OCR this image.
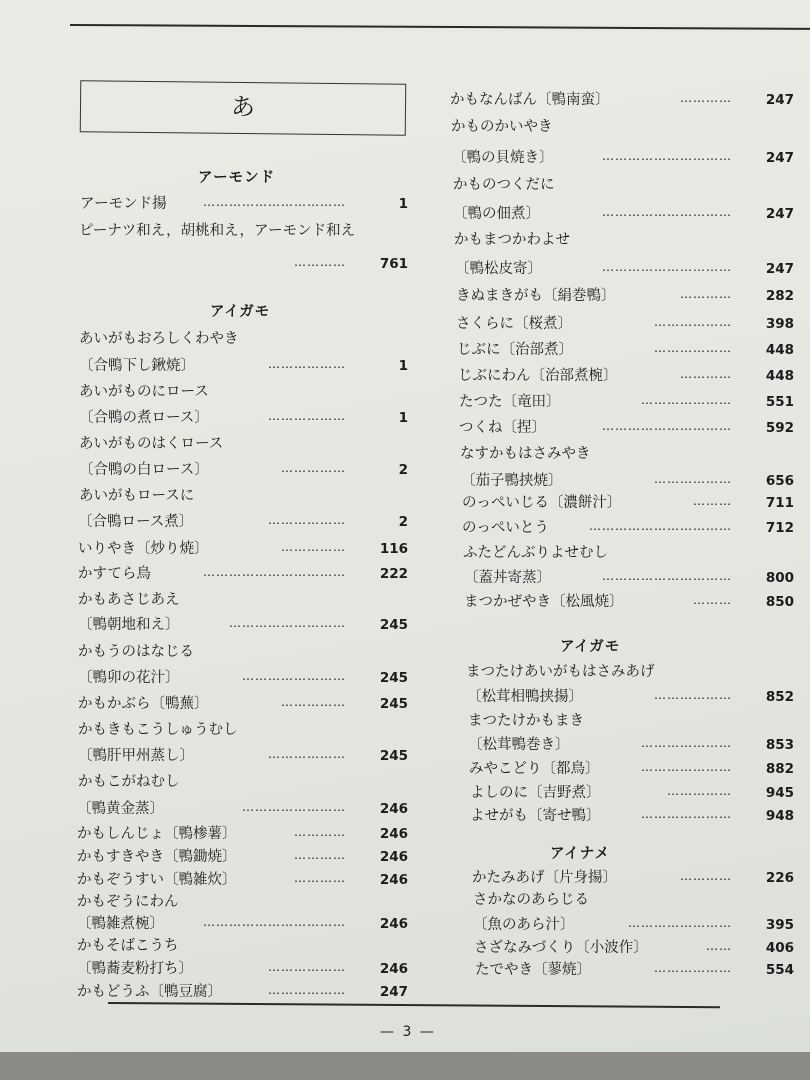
あ
アーモンド
アーモンド揚	……………………………	1
ピーナツ和え，胡桃和え，アーモンド和え
…………	761
アイガモ
あいがもおろしくわやき
〔合鴨下し鍬焼〕	………………	1
あいがものにロース
〔合鴨の煮ロース〕	………………	1
あいがものはくロース
〔合鴨の白ロース〕	……………	2
あいがもロースに
〔合鴨ロース煮〕	………………	2
いりやき〔炒り焼〕	……………	116
かすてら鳥	……………………………	222
かもあさじあえ
〔鴨朝地和え〕	………………………	245
かもうのはなじる
〔鴨卯の花汁〕	……………………	245
かもかぶら〔鴨蕪〕	……………	245
かもきもこうしゅうむし
〔鴨肝甲州蒸し〕	………………	245
かもこがねむし
〔鴨黄金蒸〕	……………………	246
かもしんじょ〔鴨椮薯〕	…………	246
かもすきやき〔鴨鋤焼〕	…………	246
かもぞうすい〔鴨雑炊〕	…………	246
かもぞうにわん
〔鴨雑煮椀〕	……………………………	246
かもそばこうち
〔鴨蕎麦粉打ち〕	………………	246
かもどうふ〔鴨豆腐〕	………………	247
かもなんばん〔鴨南蛮〕	…………	247
かものかいやき
〔鴨の貝焼き〕	…………………………	247
かものつくだに
〔鴨の佃煮〕	…………………………	247
かもまつかわよせ
〔鴨松皮寄〕	…………………………	247
きぬまきがも〔絹巻鴨〕	…………	282
さくらに〔桜煮〕	………………	398
じぶに〔治部煮〕	………………	448
じぶにわん〔治部煮椀〕	…………	448
たつた〔竜田〕	…………………	551
つくね〔捏〕	…………………………	592
なすかもはさみやき
〔茄子鴨挟焼〕	………………	656
のっぺいじる〔濃餅汁〕	………	711
のっぺいとう	……………………………	712
ふたどんぶりよせむし
〔蓋丼寄蒸〕	…………………………	800
まつかぜやき〔松風焼〕	………	850
アイガモ
まつたけあいがもはさみあげ
〔松茸相鴨挟揚〕	………………	852
まつたけかもまき
〔松茸鴨巻き〕	…………………	853
みやこどり〔都鳥〕	…………………	882
よしのに〔吉野煮〕	……………	945
よせがも〔寄せ鴨〕	…………………	948
アイナメ
かたみあげ〔片身揚〕	…………	226
さかなのあらじる
〔魚のあら汁〕	……………………	395
さざなみづくり〔小波作〕	……	406
たでやき〔蓼焼〕	………………	554
— 3 —
